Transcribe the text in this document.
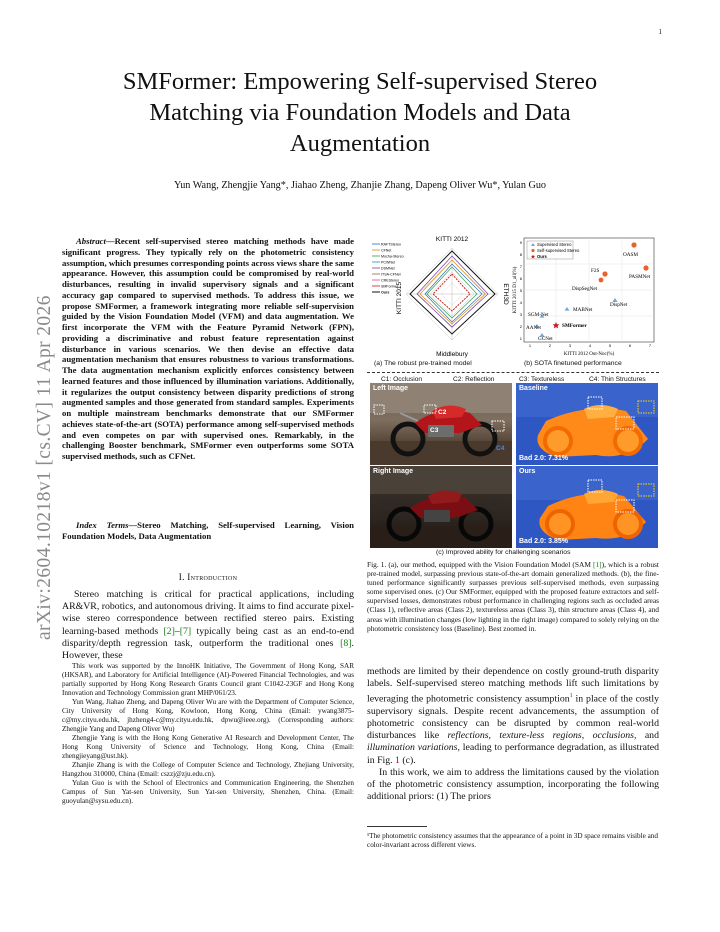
1
arXiv:2604.10218v1 [cs.CV] 11 Apr 2026
SMFormer: Empowering Self-supervised Stereo Matching via Foundation Models and Data Augmentation
Yun Wang, Zhengjie Yang*, Jiahao Zheng, Zhanjie Zhang, Dapeng Oliver Wu*, Yulan Guo

Abstract—Recent self-supervised stereo matching methods have made significant progress. They typically rely on the photometric consistency assumption, which presumes corresponding points across views share the same appearance. However, this assumption could be compromised by real-world disturbances, resulting in invalid supervisory signals and a significant accuracy gap compared to supervised methods. To address this issue, we propose SMFormer, a framework integrating more reliable self-supervision guided by the Vision Foundation Model (VFM) and data augmentation. We first incorporate the VFM with the Feature Pyramid Network (FPN), providing a discriminative and robust feature representation against disturbance in various scenarios. We then devise an effective data augmentation mechanism that ensures robustness to various transformations. The data augmentation mechanism explicitly enforces consistency between learned features and those influenced by illumination variations. Additionally, it regularizes the output consistency between disparity predictions of strong augmented samples and those generated from standard samples. Experiments on multiple mainstream benchmarks demonstrate that our SMFormer achieves state-of-the-art (SOTA) performance among self-supervised methods and even competes on par with supervised ones. Remarkably, in the challenging Booster benchmark, SMFormer even outperforms some SOTA supervised methods, such as CFNet.

Index Terms—Stereo Matching, Self-supervised Learning, Vision Foundation Models, Data Augmentation

I. Introduction

Stereo matching is critical for practical applications, including AR&VR, robotics, and autonomous driving. It aims to find accurate pixel-wise stereo correspondence between rectified stereo pairs. Existing learning-based methods [2]–[7] typically being cast as an end-to-end disparity/depth regression task, outperform the traditional ones [8]. However, these

This work was supported by the InnoHK Initiative, The Government of Hong Kong, SAR (HKSAR), and Laboratory for Artificial Intelligence (AI)-Powered Financial Technologies, and was partially supported by Hong Kong Research Grants Council grant C1042-23GF and Hong Kong Innovation and Technology Commission grant MHP/061/23.

Yun Wang, Jiahao Zheng, and Dapeng Oliver Wu are with the Department of Computer Science, City University of Hong Kong, Kowloon, Hong Kong, China (Email: ywang3875-c@my.cityu.edu.hk, jhzheng4-c@my.cityu.edu.hk, dpwu@ieee.org). (Corresponding authors: Zhengjie Yang and Dapeng Oliver Wu)

Zhengjie Yang is with the Hong Kong Generative AI Research and Development Center, The Hong Kong University of Science and Technology, Hong Kong, China (Email: zhengjieyang@ust.hk).

Zhanjie Zhang is with the College of Computer Science and Technology, Zhejiang University, Hangzhou 310000, China (Email: cszzj@zju.edu.cn).

Yulan Guo is with the School of Electronics and Communication Engineering, the Shenzhen Campus of Sun Yat-sen University, Sun Yat-sen University, Shenzhen, China. (Email: guoyulan@sysu.edu.cn).

KITTI 2012
Middlebury
ETH3D
KITTI 2015
RAFTStereo
CFNet
Mocha-Stereo
PCWNet
DSMNet
ITSA-CFNet
CREStereo
SMFormer
Ours
(a) The robust pre-trained model
Supervised Stereo
Self-supervised Stereo
Ours	OASM
PASMNet
F2S
DispSegNet
DispNet
MABNet
SGM-Net
AANet
GCNet
SMFormer
1	2	3	4	5	6	7
1
2
3
4
5
6
7
8
9
KITTI 2012 Out-Noc(%)
KITTI 2015 D1_all(%)
(b) SOTA finetuned performance
C1: Occlusion	C2: Reflection	C3: Textureless	C4: Thin Structures
Left Image
C2
C3
C4
Baseline
Bad 2.0: 7.31%
Right Image	Ours
Bad 2.0: 3.85%
(c) Improved ability for challenging scenarios
Fig. 1. (a), our method, equipped with the Vision Foundation Model (SAM [1]), which is a robust pre-trained model, surpassing previous state-of-the-art domain generalized methods. (b), the fine-tuned performance significantly surpasses previous self-supervised methods, even surpassing some supervised ones. (c) Our SMFormer, equipped with the proposed feature extractors and self-supervised losses, demonstrates robust performance in challenging regions such as occluded areas (Class 1), reflective areas (Class 2), textureless areas (Class 3), thin structure areas (Class 4), and areas with illumination changes (low lighting in the right image) compared to solely relying on the photometric consistency loss (Baseline). Best zoomed in.

methods are limited by their dependence on costly ground-truth disparity labels. Self-supervised stereo matching methods lift such limitations by leveraging the photometric consistency assumption$^1$ in place of the costly supervisory signals. Despite recent advancements, the assumption of photometric consistency can be disrupted by common real-world disturbances like reflections, texture-less regions, occlusions, and illumination variations, leading to performance degradation, as illustrated in Fig. 1 (c).

In this work, we aim to address the limitations caused by the violation of the photometric consistency assumption, incorporating the following additional priors: (1) The priors

¹The photometric consistency assumes that the appearance of a point in 3D space remains visible and color-invariant across different views.
